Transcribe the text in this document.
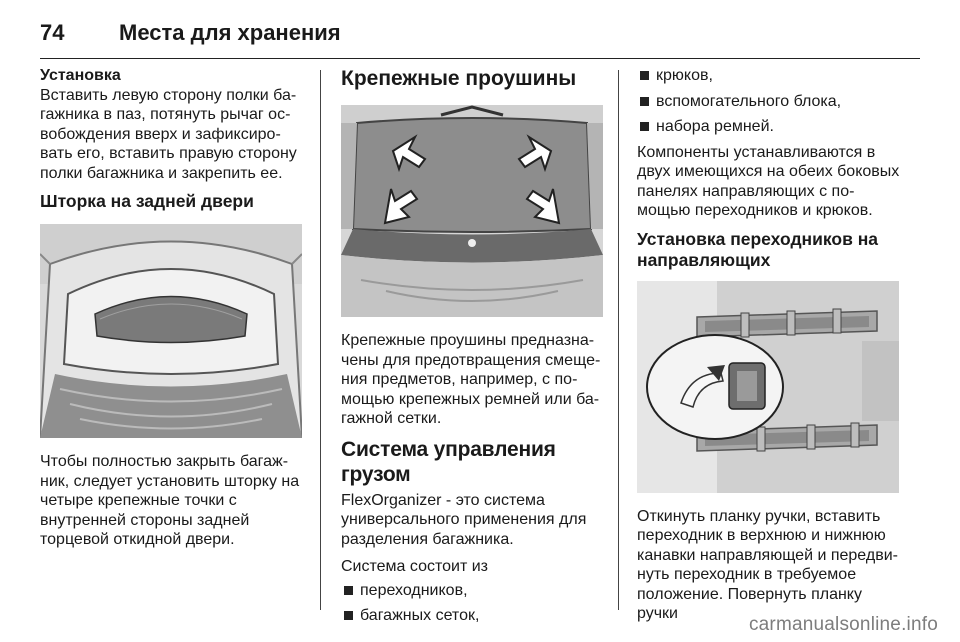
74 Места для хранения

Установка

Вставить левую сторону полки багажника в паз, потянуть рычаг освобождения вверх и зафиксировать его, вставить правую сторону полки багажника и закрепить ее.

Шторка на задней двери

Чтобы полностью закрыть багажник, следует установить шторку на четыре крепежные точки с внутренней стороны задней торцевой откидной двери.

Крепежные проушины

Крепежные проушины предназначены для предотвращения смещения предметов, например, с помощью крепежных ремней или багажной сетки.

Система управления грузом

FlexOrganizer - это система универсального применения для разделения багажника.

Система состоит из

переходников,
багажных сеток,
крюков,
вспомогательного блока,
набора ремней.

Компоненты устанавливаются в двух имеющихся на обеих боковых панелях направляющих с помощью переходников и крюков.

Установка переходников на направляющих

Откинуть планку ручки, вставить переходник в верхнюю и нижнюю канавки направляющей и передвинуть переходник в требуемое положение. Повернуть планку ручки

carmanualsonline.info
